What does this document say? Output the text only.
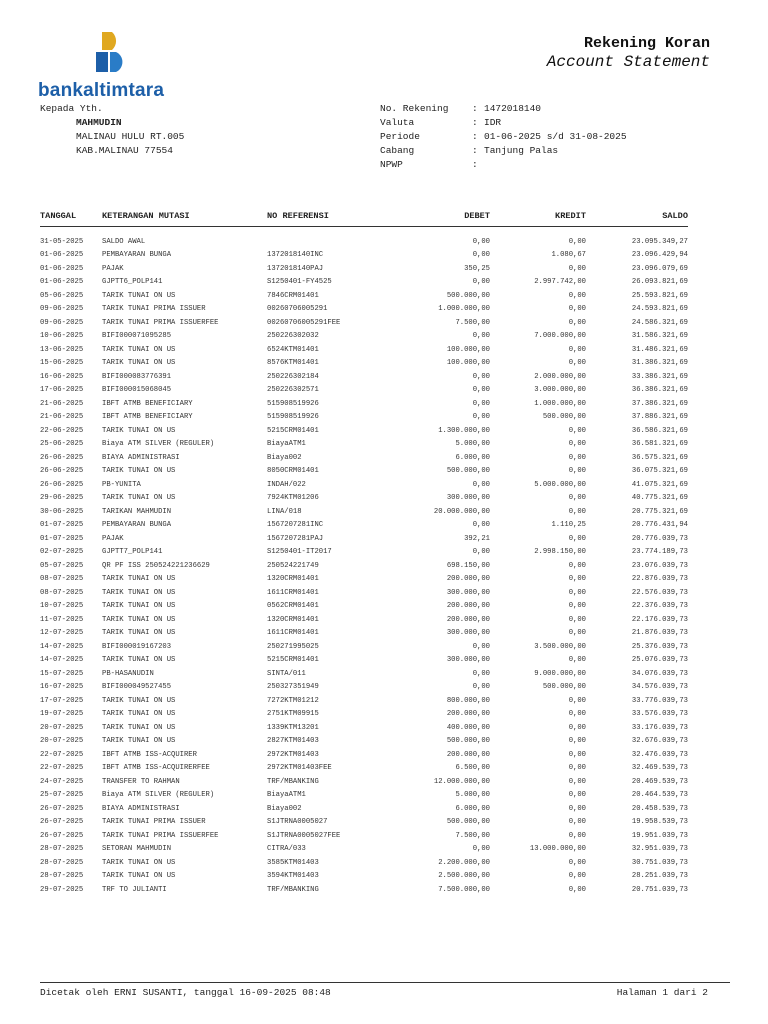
bankaltimtara
Rekening Koran
Account Statement
Kepada Yth.
MAHMUDIN
MALINAU HULU RT.005
KAB.MALINAU 77554
No. Rekening	: 1472018140
Valuta	: IDR
Periode	: 01-06-2025 s/d 31-08-2025
Cabang	: Tanjung Palas
NPWP	:
TANGGAL	KETERANGAN MUTASI	NO REFERENSI	DEBET	KREDIT	SALDO

31-05-2025	SALDO AWAL		0,00	0,00	23.095.349,27
01-06-2025	PEMBAYARAN BUNGA	1372018140INC	0,00	1.080,67	23.096.429,94
01-06-2025	PAJAK	1372018140PAJ	350,25	0,00	23.096.079,69
01-06-2025	GJPTT6_POLP141	S1250401-FY4525	0,00	2.997.742,00	26.093.821,69
05-06-2025	TARIK TUNAI ON US	7846CRM01401	500.000,00	0,00	25.593.821,69
09-06-2025	TARIK TUNAI PRIMA ISSUER	00260706005291	1.000.000,00	0,00	24.593.821,69
09-06-2025	TARIK TUNAI PRIMA ISSUERFEE	00260706005291FEE	7.500,00	0,00	24.586.321,69
10-06-2025	BIFI000071095285	250226302032	0,00	7.000.000,00	31.586.321,69
13-06-2025	TARIK TUNAI ON US	6524KTM01401	100.000,00	0,00	31.486.321,69
15-06-2025	TARIK TUNAI ON US	8576KTM01401	100.000,00	0,00	31.386.321,69
16-06-2025	BIFI000083776391	250226302184	0,00	2.000.000,00	33.386.321,69
17-06-2025	BIFI000015068045	250226302571	0,00	3.000.000,00	36.386.321,69
21-06-2025	IBFT ATMB BENEFICIARY	515908519926	0,00	1.000.000,00	37.386.321,69
21-06-2025	IBFT ATMB BENEFICIARY	515908519926	0,00	500.000,00	37.886.321,69
22-06-2025	TARIK TUNAI ON US	5215CRM01401	1.300.000,00	0,00	36.586.321,69
25-06-2025	Biaya ATM SILVER (REGULER)	BiayaATM1	5.000,00	0,00	36.581.321,69
26-06-2025	BIAYA ADMINISTRASI	Biaya002	6.000,00	0,00	36.575.321,69
26-06-2025	TARIK TUNAI ON US	8050CRM01401	500.000,00	0,00	36.075.321,69
26-06-2025	PB-YUNITA	INDAH/022	0,00	5.000.000,00	41.075.321,69
29-06-2025	TARIK TUNAI ON US	7924KTM01206	300.000,00	0,00	40.775.321,69
30-06-2025	TARIKAN MAHMUDIN	LINA/018	20.000.000,00	0,00	20.775.321,69
01-07-2025	PEMBAYARAN BUNGA	1567207281INC	0,00	1.110,25	20.776.431,94
01-07-2025	PAJAK	1567207281PAJ	392,21	0,00	20.776.039,73
02-07-2025	GJPTT7_POLP141	S1250401-IT2017	0,00	2.998.150,00	23.774.189,73
05-07-2025	QR PF ISS 250524221236629	250524221749	698.150,00	0,00	23.076.039,73
08-07-2025	TARIK TUNAI ON US	1320CRM01401	200.000,00	0,00	22.876.039,73
08-07-2025	TARIK TUNAI ON US	1611CRM01401	300.000,00	0,00	22.576.039,73
10-07-2025	TARIK TUNAI ON US	0562CRM01401	200.000,00	0,00	22.376.039,73
11-07-2025	TARIK TUNAI ON US	1320CRM01401	200.000,00	0,00	22.176.039,73
12-07-2025	TARIK TUNAI ON US	1611CRM01401	300.000,00	0,00	21.876.039,73
14-07-2025	BIFI000019167203	250271995025	0,00	3.500.000,00	25.376.039,73
14-07-2025	TARIK TUNAI ON US	5215CRM01401	300.000,00	0,00	25.076.039,73
15-07-2025	PB-HASANUDIN	SINTA/011	0,00	9.000.000,00	34.076.039,73
16-07-2025	BIFI000049527455	250327351949	0,00	500.000,00	34.576.039,73
17-07-2025	TARIK TUNAI ON US	7272KTM01212	800.000,00	0,00	33.776.039,73
19-07-2025	TARIK TUNAI ON US	2751KTM09915	200.000,00	0,00	33.576.039,73
20-07-2025	TARIK TUNAI ON US	1339KTM13201	400.000,00	0,00	33.176.039,73
20-07-2025	TARIK TUNAI ON US	2827KTM01403	500.000,00	0,00	32.676.039,73
22-07-2025	IBFT ATMB ISS-ACQUIRER	2972KTM01403	200.000,00	0,00	32.476.039,73
22-07-2025	IBFT ATMB ISS-ACQUIRERFEE	2972KTM01403FEE	6.500,00	0,00	32.469.539,73
24-07-2025	TRANSFER TO RAHMAN	TRF/MBANKING	12.000.000,00	0,00	20.469.539,73
25-07-2025	Biaya ATM SILVER (REGULER)	BiayaATM1	5.000,00	0,00	20.464.539,73
26-07-2025	BIAYA ADMINISTRASI	Biaya002	6.000,00	0,00	20.458.539,73
26-07-2025	TARIK TUNAI PRIMA ISSUER	S1JTRNA0005027	500.000,00	0,00	19.958.539,73
26-07-2025	TARIK TUNAI PRIMA ISSUERFEE	S1JTRNA0005027FEE	7.500,00	0,00	19.951.039,73
28-07-2025	SETORAN MAHMUDIN	CITRA/033	0,00	13.000.000,00	32.951.039,73
28-07-2025	TARIK TUNAI ON US	3585KTM01403	2.200.000,00	0,00	30.751.039,73
28-07-2025	TARIK TUNAI ON US	3594KTM01403	2.500.000,00	0,00	28.251.039,73
29-07-2025	TRF TO JULIANTI	TRF/MBANKING	7.500.000,00	0,00	20.751.039,73
Dicetak oleh ERNI SUSANTI, tanggal 16-09-2025 08:48	Halaman 1 dari 2
